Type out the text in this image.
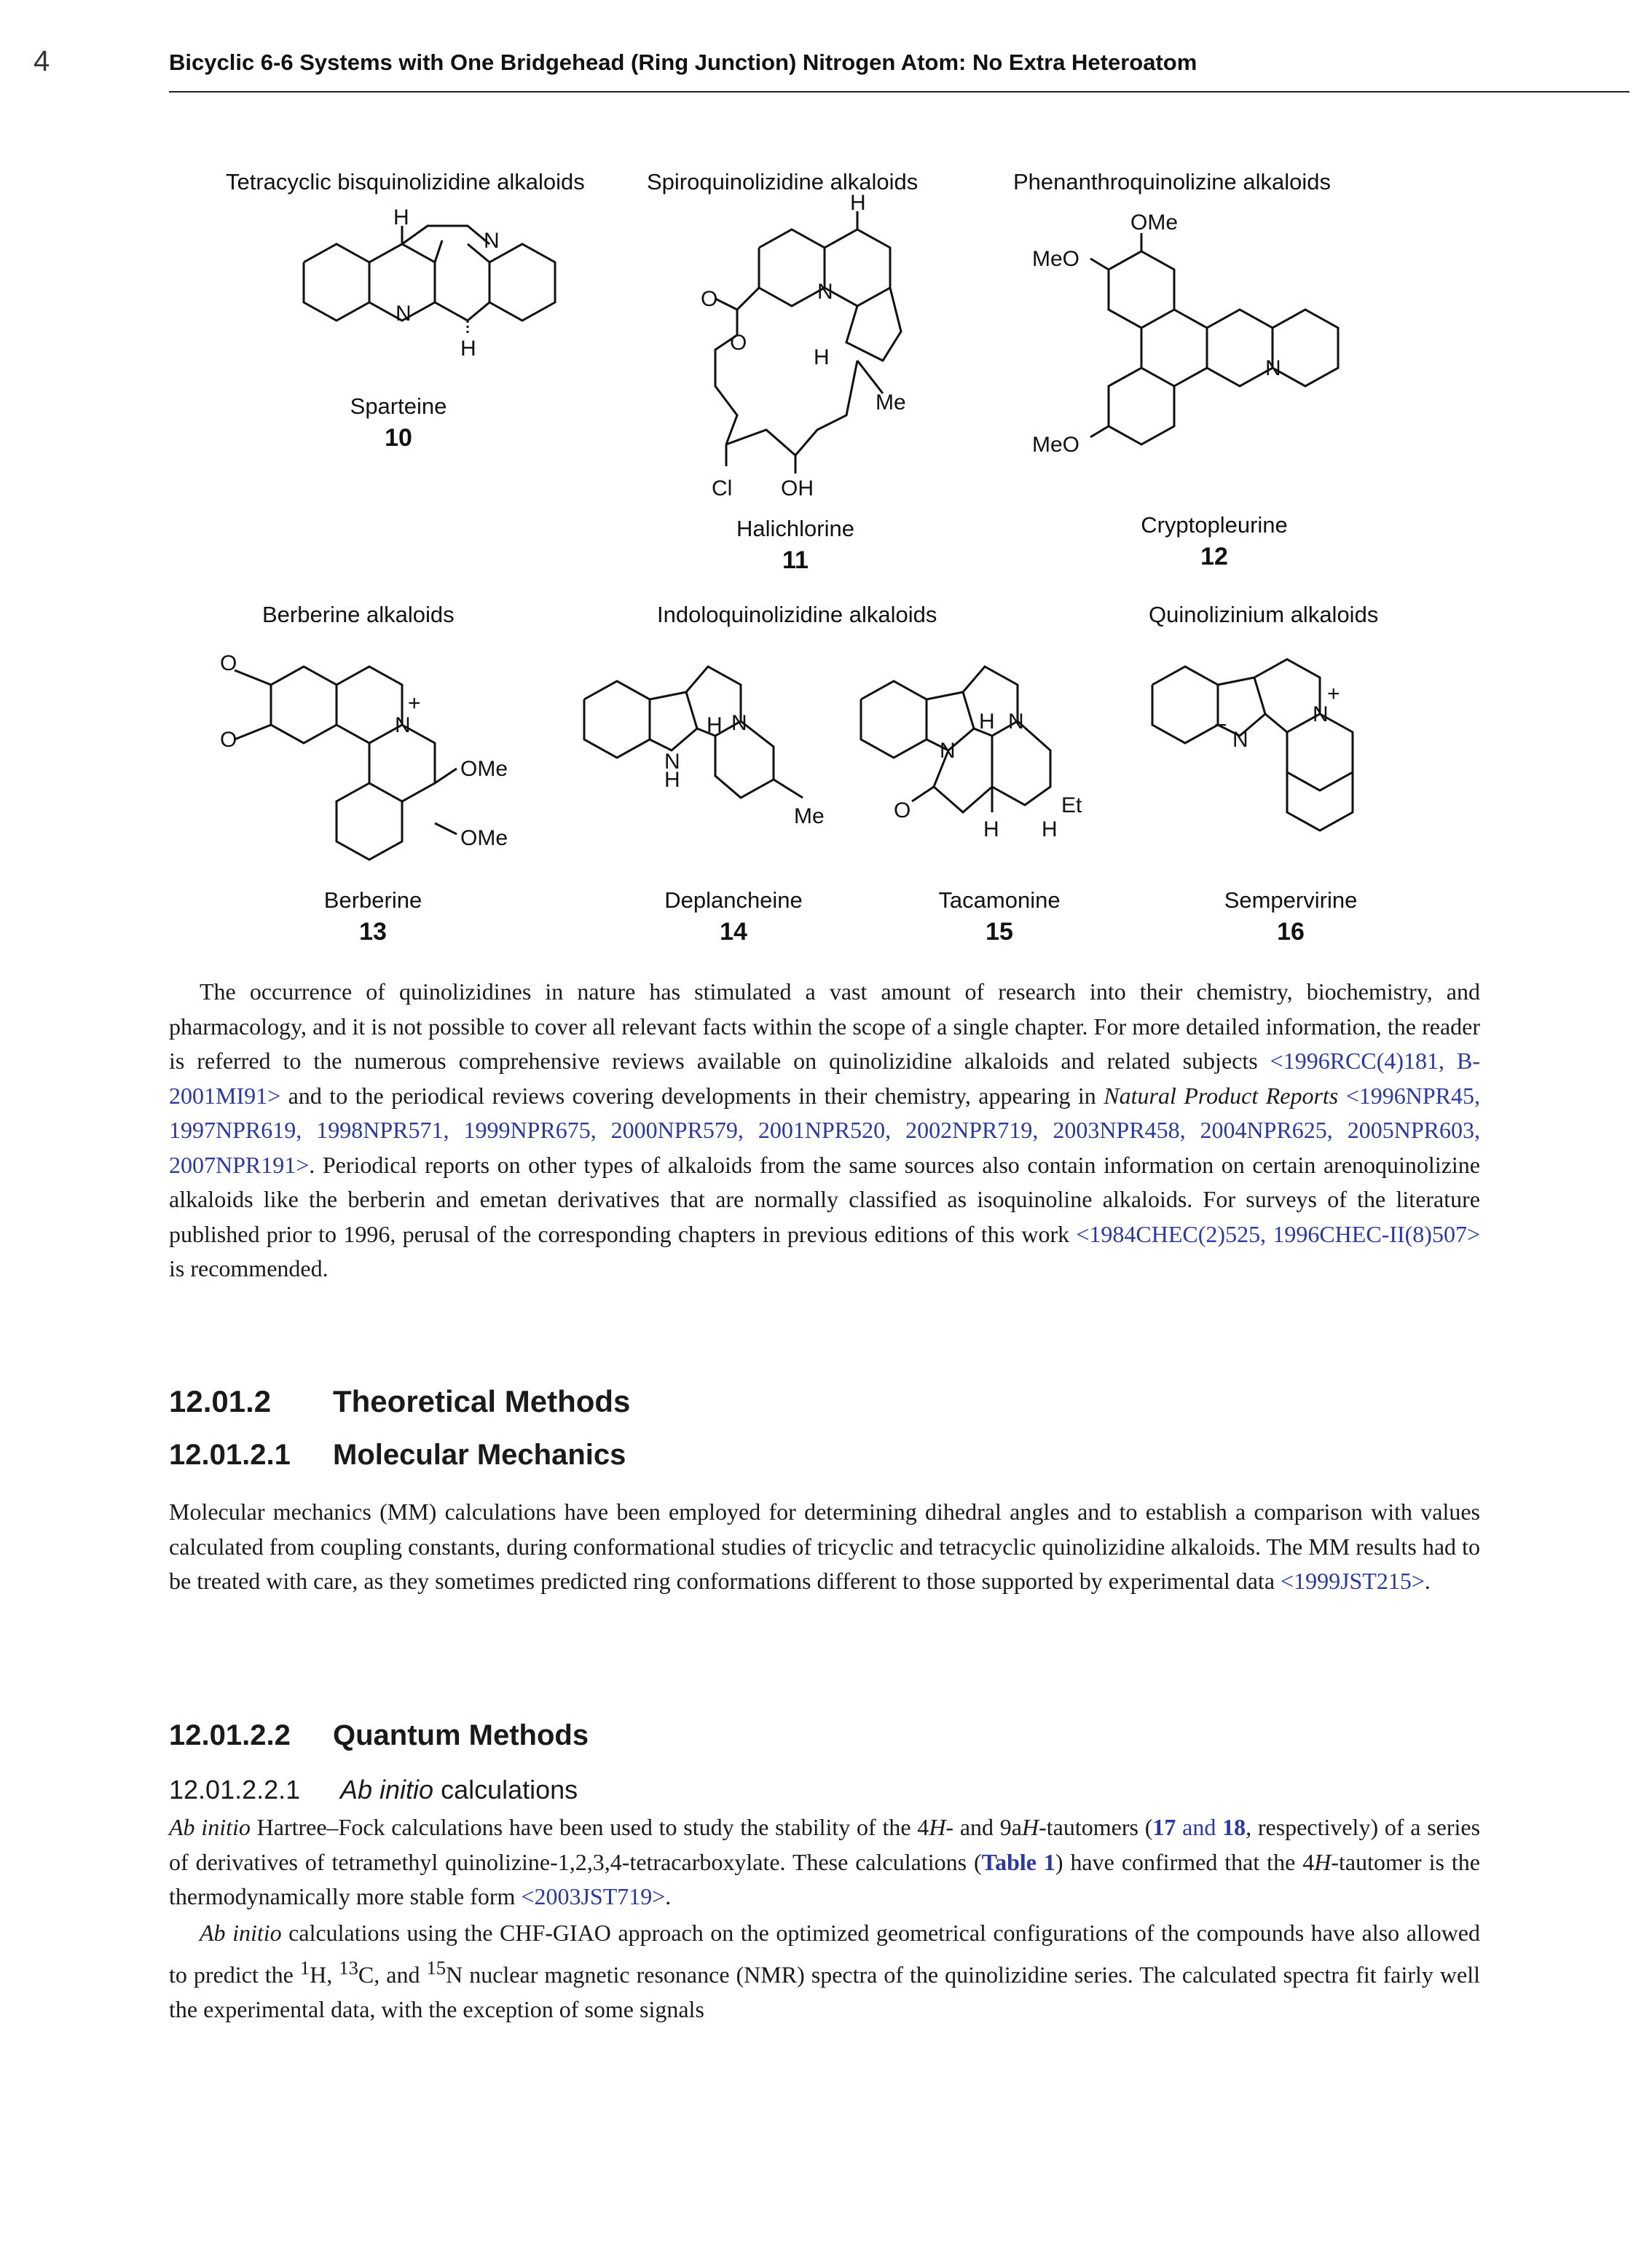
4	Bicyclic 6-6 Systems with One Bridgehead (Ring Junction) Nitrogen Atom: No Extra Heteroatom
Tetracyclic bisquinolizidine alkaloids	Spiroquinolizidine alkaloids	Phenanthroquinolizine alkaloids
Berberine alkaloids	Indoloquinolizidine alkaloids	Quinolizinium alkaloids
H
N
N
H
Sparteine
10
H
N
O
O
H
Me
Cl OH
Halichlorine
11
OMe
MeO
N
MeO
Cryptopleurine
12
N
+
O
O
OMe
OMe
Berberine
13
N
H
H N
Me
Deplancheine
14
H N
N
O
H H
Et
Tacamonine
15
N
−	N
+
Sempervirine
16
The occurrence of quinolizidines in nature has stimulated a vast amount of research into their chemistry, biochemistry, and pharmacology, and it is not possible to cover all relevant facts within the scope of a single chapter. For more detailed information, the reader is referred to the numerous comprehensive reviews available on quinolizidine alkaloids and related subjects <1996RCC(4)181, B-2001MI91> and to the periodical reviews covering developments in their chemistry, appearing in Natural Product Reports <1996NPR45, 1997NPR619, 1998NPR571, 1999NPR675, 2000NPR579, 2001NPR520, 2002NPR719, 2003NPR458, 2004NPR625, 2005NPR603, 2007NPR191>. Periodical reports on other types of alkaloids from the same sources also contain information on certain arenoquinolizine alkaloids like the berberin and emetan derivatives that are normally classified as isoquinoline alkaloids. For surveys of the literature published prior to 1996, perusal of the corresponding chapters in previous editions of this work <1984CHEC(2)525, 1996CHEC-II(8)507> is recommended.
12.01.2 Theoretical Methods
12.01.2.1 Molecular Mechanics
Molecular mechanics (MM) calculations have been employed for determining dihedral angles and to establish a comparison with values calculated from coupling constants, during conformational studies of tricyclic and tetracyclic quinolizidine alkaloids. The MM results had to be treated with care, as they sometimes predicted ring conformations different to those supported by experimental data <1999JST215>.
12.01.2.2 Quantum Methods
12.01.2.2.1 Ab initio calculations
Ab initio Hartree–Fock calculations have been used to study the stability of the 4H- and 9aH-tautomers (17 and 18, respectively) of a series of derivatives of tetramethyl quinolizine-1,2,3,4-tetracarboxylate. These calculations (Table 1) have confirmed that the 4H-tautomer is the thermodynamically more stable form <2003JST719>.
Ab initio calculations using the CHF-GIAO approach on the optimized geometrical configurations of the compounds have also allowed to predict the $^1$H, $^{13}$C, and $^{15}$N nuclear magnetic resonance (NMR) spectra of the quinolizidine series. The calculated spectra fit fairly well the experimental data, with the exception of some signals
